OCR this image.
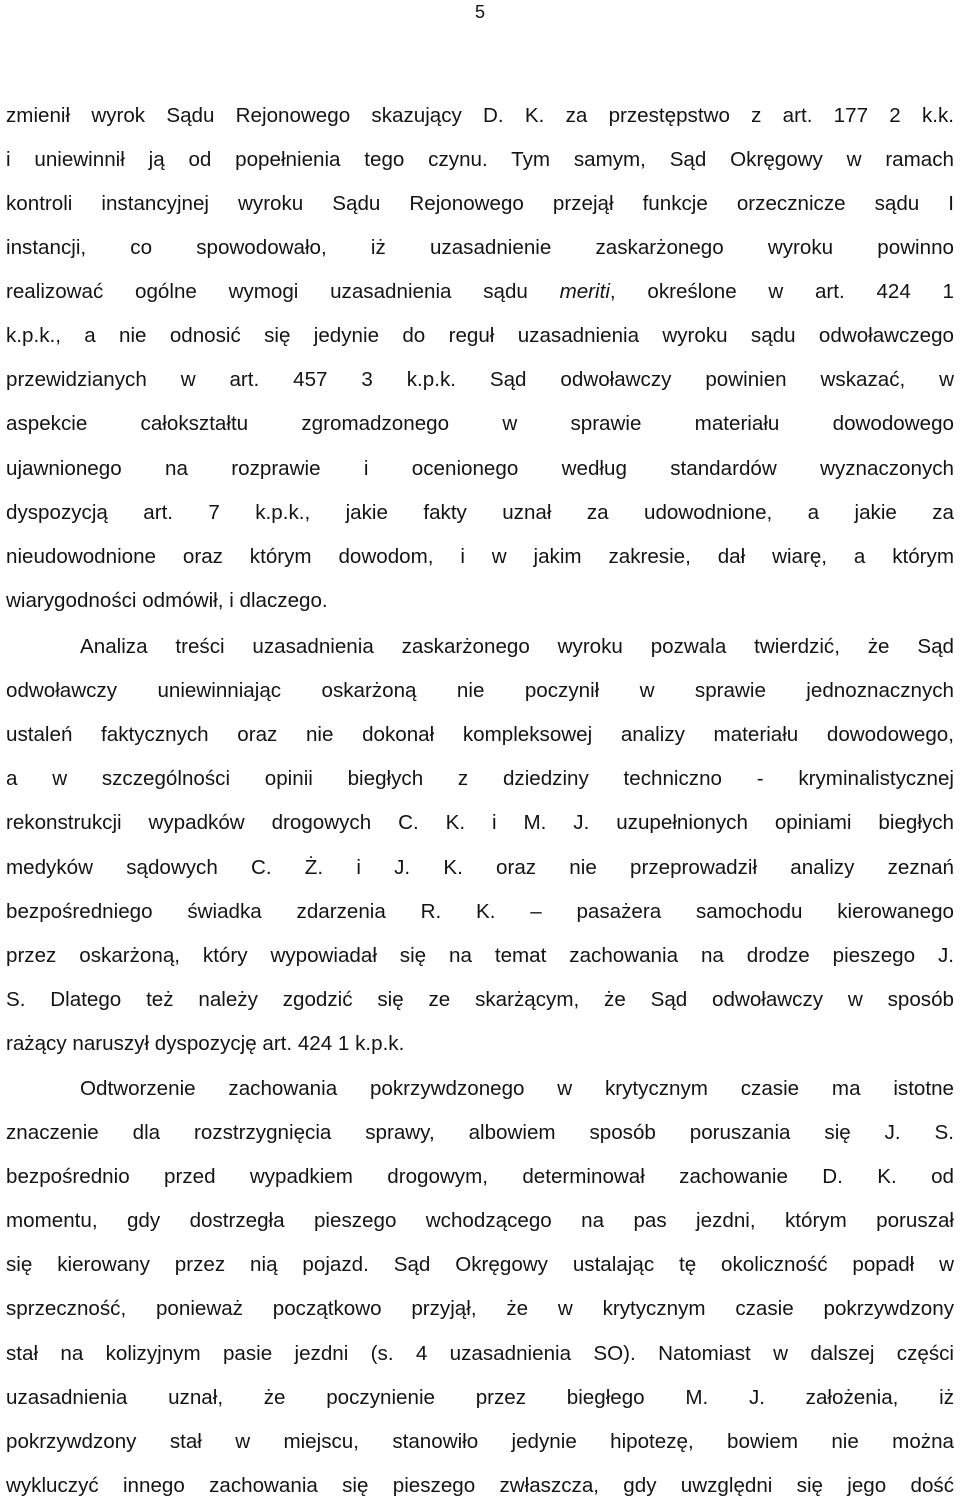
5
zmienił wyrok Sądu Rejonowego skazujący D. K. za przestępstwo z art. 177 2 k.k.
i uniewinnił ją od popełnienia tego czynu. Tym samym, Sąd Okręgowy w ramach
kontroli instancyjnej wyroku Sądu Rejonowego przejął funkcje orzecznicze sądu I
instancji, co spowodowało, iż uzasadnienie zaskarżonego wyroku powinno
realizować ogólne wymogi uzasadnienia sądu meriti, określone w art. 424 1
k.p.k., a nie odnosić się jedynie do reguł uzasadnienia wyroku sądu odwoławczego
przewidzianych w art. 457 3 k.p.k. Sąd odwoławczy powinien wskazać, w
aspekcie całokształtu zgromadzonego w sprawie materiału dowodowego
ujawnionego na rozprawie i ocenionego według standardów wyznaczonych
dyspozycją art. 7 k.p.k., jakie fakty uznał za udowodnione, a jakie za
nieudowodnione oraz którym dowodom, i w jakim zakresie, dał wiarę, a którym
wiarygodności odmówił, i dlaczego.
Analiza treści uzasadnienia zaskarżonego wyroku pozwala twierdzić, że Sąd
odwoławczy uniewinniając oskarżoną nie poczynił w sprawie jednoznacznych
ustaleń faktycznych oraz nie dokonał kompleksowej analizy materiału dowodowego,
a w szczególności opinii biegłych z dziedziny techniczno - kryminalistycznej
rekonstrukcji wypadków drogowych C. K. i M. J. uzupełnionych opiniami biegłych
medyków sądowych C. Ż. i J. K. oraz nie przeprowadził analizy zeznań
bezpośredniego świadka zdarzenia R. K. – pasażera samochodu kierowanego
przez oskarżoną, który wypowiadał się na temat zachowania na drodze pieszego J.
S. Dlatego też należy zgodzić się ze skarżącym, że Sąd odwoławczy w sposób
rażący naruszył dyspozycję art. 424 1 k.p.k.
Odtworzenie zachowania pokrzywdzonego w krytycznym czasie ma istotne
znaczenie dla rozstrzygnięcia sprawy, albowiem sposób poruszania się J. S.
bezpośrednio przed wypadkiem drogowym, determinował zachowanie D. K. od
momentu, gdy dostrzegła pieszego wchodzącego na pas jezdni, którym poruszał
się kierowany przez nią pojazd. Sąd Okręgowy ustalając tę okoliczność popadł w
sprzeczność, ponieważ początkowo przyjął, że w krytycznym czasie pokrzywdzony
stał na kolizyjnym pasie jezdni (s. 4 uzasadnienia SO). Natomiast w dalszej części
uzasadnienia uznał, że poczynienie przez biegłego M. J. założenia, iż
pokrzywdzony stał w miejscu, stanowiło jedynie hipotezę, bowiem nie można
wykluczyć innego zachowania się pieszego zwłaszcza, gdy uwzględni się jego dość
